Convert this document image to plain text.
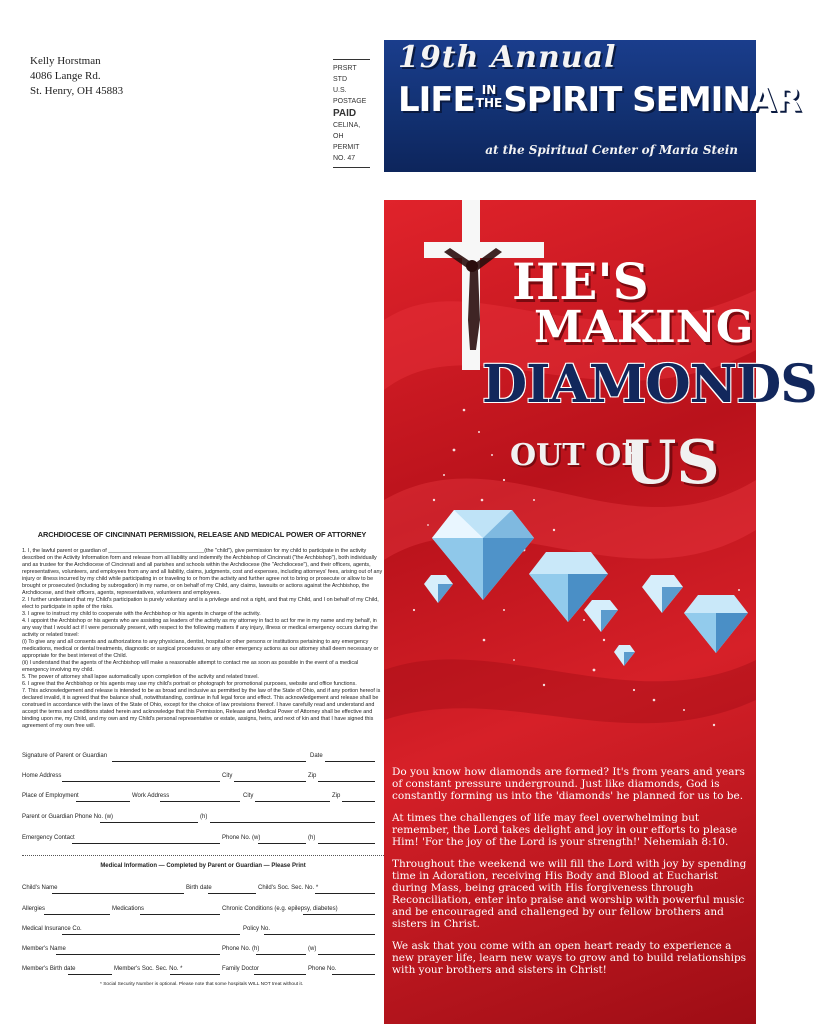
Kelly Horstman
4086 Lange Rd.
St. Henry, OH 45883
PRSRT STD
U.S. POSTAGE
PAID
CELINA, OH
PERMIT NO. 47
19th Annual
LIFE IN
THESPIRIT SEMINAR
at the Spiritual Center of Maria Stein
HE'S
MAKING
DIAMONDS
OUT OF
US

Do you know how diamonds are formed? It's from years and years of constant pressure underground. Just like diamonds, God is constantly forming us into the 'diamonds' he planned for us to be.

At times the challenges of life may feel overwhelming but remember, the Lord takes delight and joy in our efforts to please Him! 'For the joy of the Lord is your strength!' Nehemiah 8:10.

Throughout the weekend we will fill the Lord with joy by spending time in Adoration, receiving His Body and Blood at Eucharist during Mass, being graced with His forgiveness through Reconciliation, enter into praise and worship with powerful music and be encouraged and challenged by our fellow brothers and sisters in Christ.

We ask that you come with an open heart ready to experience a new prayer life, learn new ways to grow and to build relationships with your brothers and sisters in Christ!

ARCHDIOCESE OF CINCINNATI PERMISSION, RELEASE AND MEDICAL POWER OF ATTORNEY
1. I, the lawful parent or guardian of ________________________________(the "child"), give permission for my child to participate in the activity described on the Activity Information form and release from all liability and indemnify the Archbishop of Cincinnati ("the Archbishop"), both individually and as trustee for the Archdiocese of Cincinnati and all parishes and schools within the Archdiocese (the "Archdiocese"), and their officers, agents, representatives, volunteers, and employees from any and all liability, claims, judgments, cost and expenses, including attorneys' fees, arising out of any injury or illness incurred by my child while participating in or traveling to or from the activity and further agree not to bring or prosecute or allow to be brought or prosecuted (including by subrogation) in my name, or on behalf of my Child, any claims, lawsuits or actions against the Archbishop, the Archdiocese, and their officers, agents, representatives, volunteers and employees.
2. I further understand that my Child's participation is purely voluntary and is a privilege and not a right, and that my Child, and I on behalf of my Child, elect to participate in spite of the risks.
3. I agree to instruct my child to cooperate with the Archbishop or his agents in charge of the activity.
4. I appoint the Archbishop or his agents who are assisting as leaders of the activity as my attorney in fact to act for me in my name and my behalf, in any way that I would act if I were personally present, with respect to the following matters if any injury, illness or medical emergency occurs during the activity or related travel:
(i) To give any and all consents and authorizations to any physicians, dentist, hospital or other persons or institutions pertaining to any emergency medications, medical or dental treatments, diagnostic or surgical procedures or any other emergency actions as our attorney shall deem necessary or appropriate for the best interest of the Child.
(ii) I understand that the agents of the Archbishop will make a reasonable attempt to contact me as soon as possible in the event of a medical emergency involving my child.
5. The power of attorney shall lapse automatically upon completion of the activity and related travel.
6. I agree that the Archbishop or his agents may use my child's portrait or photograph for promotional purposes, website and office functions.
7. This acknowledgement and release is intended to be as broad and inclusive as permitted by the law of the State of Ohio, and if any portion hereof is declared invalid, it is agreed that the balance shall, notwithstanding, continue in full legal force and effect. This acknowledgement and release shall be construed in accordance with the laws of the State of Ohio, except for the choice of law provisions thereof. I have carefully read and understand and accept the terms and conditions stated herein and acknowledge that this Permission, Release and Medical Power of Attorney shall be effective and binding upon me, my Child, and my own and my Child's personal representative or estate, assigns, heirs, and next of kin and that I have signed this agreement of my own free will.
Signature of Parent or Guardian	Date
Home Address	City	Zip
Place of Employment	Work Address	City	Zip
Parent or Guardian Phone No. (w)	(h)
Emergency Contact	Phone No. (w)	(h)
Medical Information — Completed by Parent or Guardian — Please Print
Child's Name	Birth date	Child's Soc. Sec. No. *
Allergies	Medications	Chronic Conditions (e.g. epilepsy, diabetes)
Medical Insurance Co.	Policy No.
Member's Name	Phone No. (h)	(w)
Member's Birth date	Member's Soc. Sec. No. *	Family Doctor	Phone No.
* Social Security Number is optional. Please note that some hospitals WILL NOT treat without it.
